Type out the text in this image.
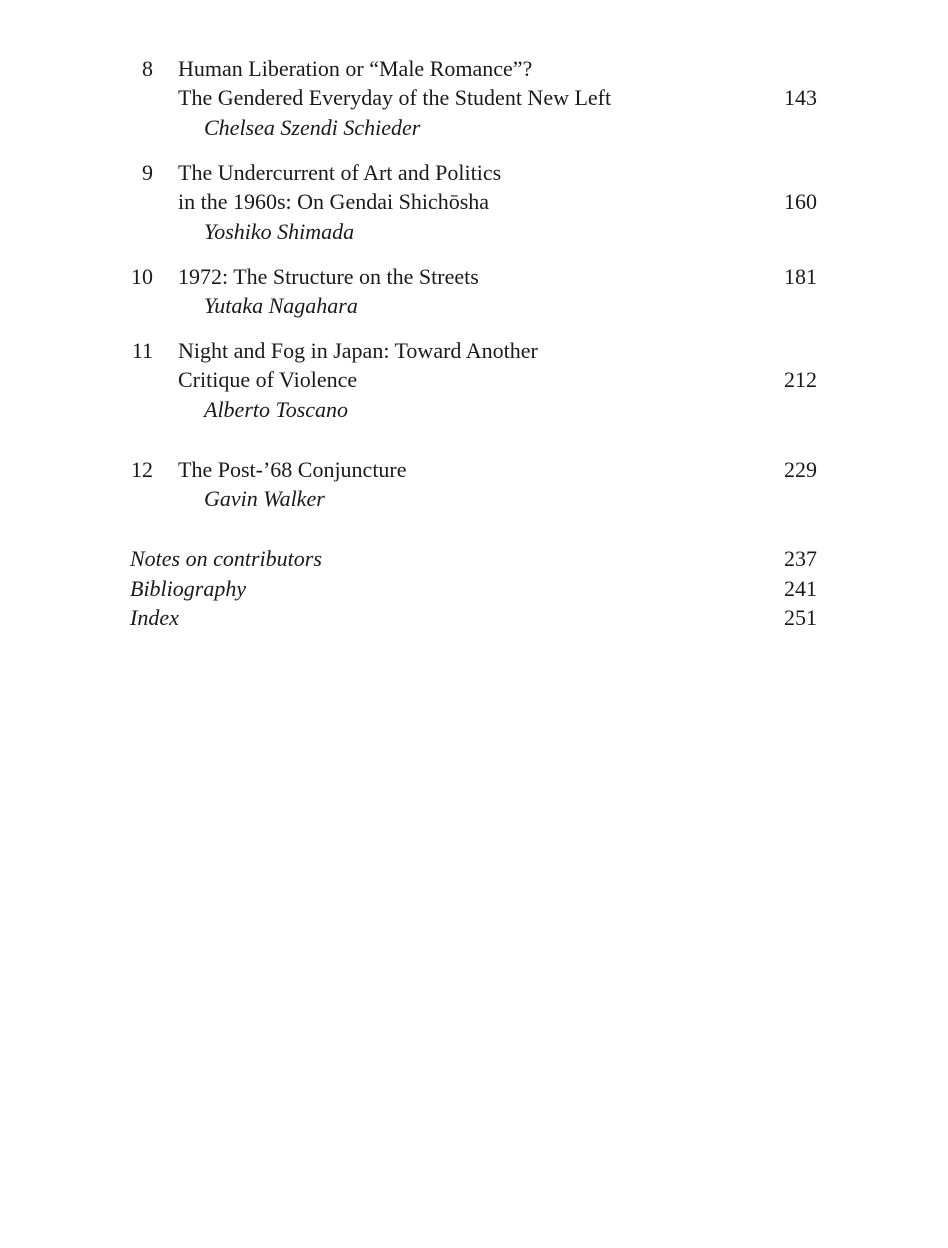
8 Human Liberation or “Male Romance”?
The Gendered Everyday of the Student New Left	143
Chelsea Szendi Schieder
9 The Undercurrent of Art and Politics
in the 1960s: On Gendai Shichōsha	160
Yoshiko Shimada
10 1972: The Structure on the Streets	181
Yutaka Nagahara
11 Night and Fog in Japan: Toward Another
Critique of Violence	212
Alberto Toscano
12 The Post-’68 Conjuncture	229
Gavin Walker
Notes on contributors	237
Bibliography	241
Index	251
